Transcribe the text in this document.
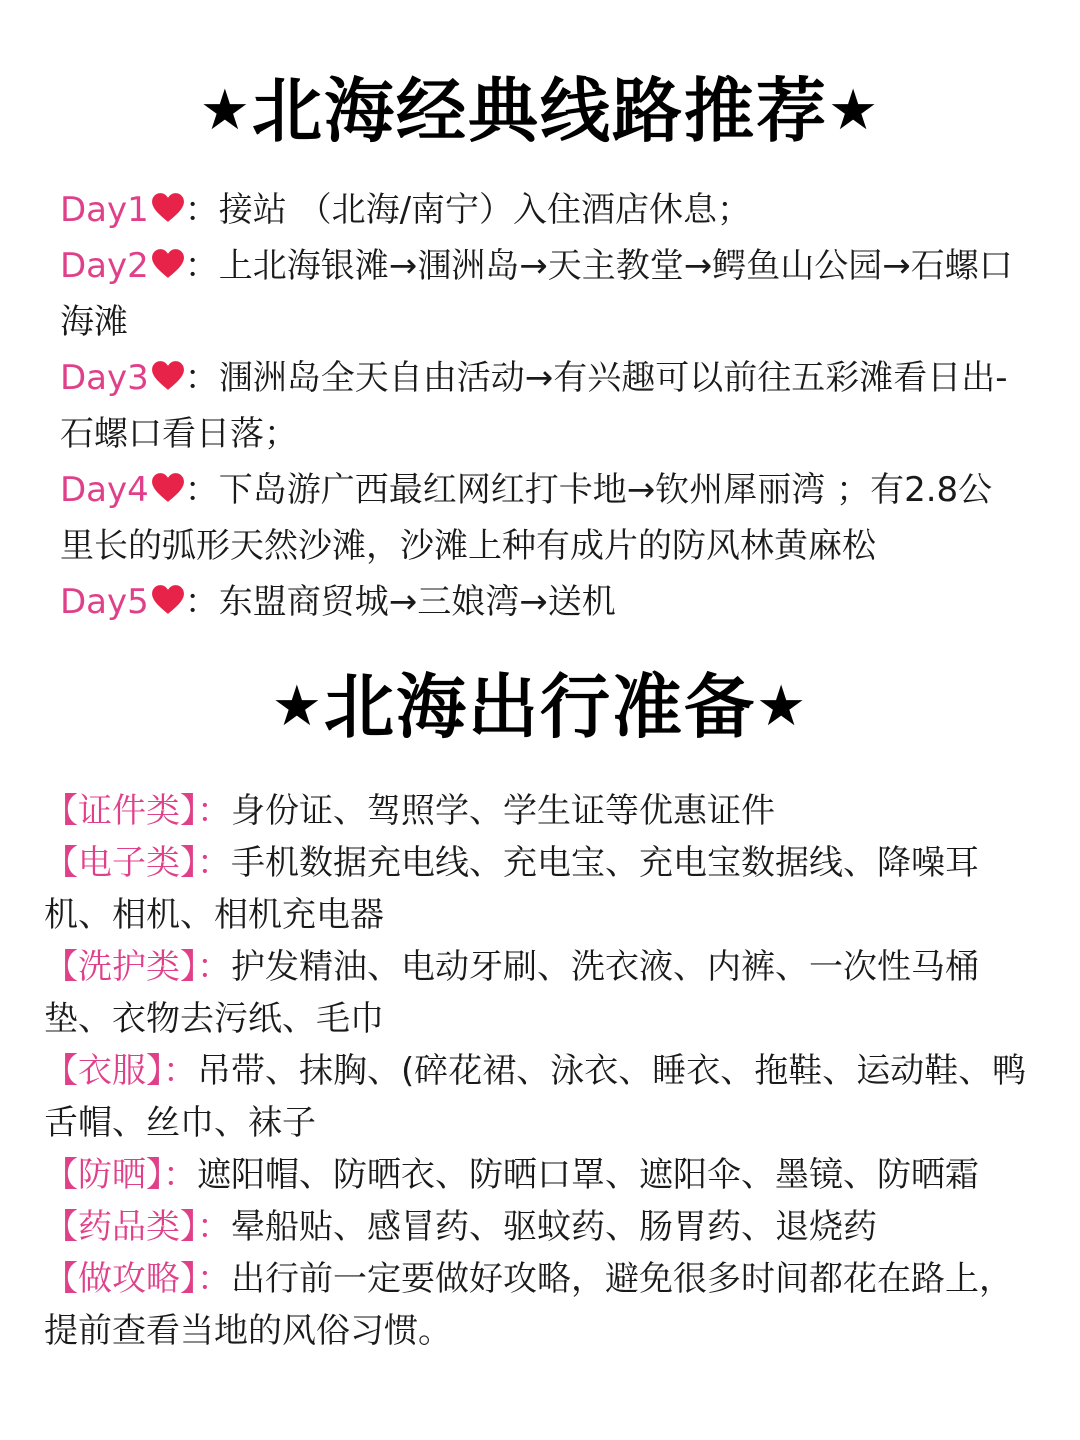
★北海经典线路推荐★

Day1 ：接站 （北海/南宁）入住酒店休息；

Day2 ：上北海银滩→涠洲岛→天主教堂→鳄鱼山公园→石螺口海滩

Day3 ：涠洲岛全天自由活动→有兴趣可以前往五彩滩看日出-石螺口看日落；

Day4 ：下岛游广西最红网红打卡地→钦州犀丽湾 ；有2.8公里长的弧形天然沙滩，沙滩上种有成片的防风林黄麻松

Day5 ：东盟商贸城→三娘湾→送机

★北海出行准备★

【证件类】：身份证、驾照学、学生证等优惠证件

【电子类】：手机数据充电线、充电宝、充电宝数据线、降噪耳机、相机、相机充电器

【洗护类】：护发精油、电动牙刷、洗衣液、内裤、一次性马桶垫、衣物去污纸、毛巾

【衣服】：吊带、抹胸、(碎花裙、泳衣、睡衣、拖鞋、运动鞋、鸭舌帽、丝巾、袜子

【防晒】：遮阳帽、防晒衣、防晒口罩、遮阳伞、墨镜、防晒霜

【药品类】：晕船贴、感冒药、驱蚊药、肠胃药、退烧药

【做攻略】：出行前一定要做好攻略，避免很多时间都花在路上，提前查看当地的风俗习惯。
